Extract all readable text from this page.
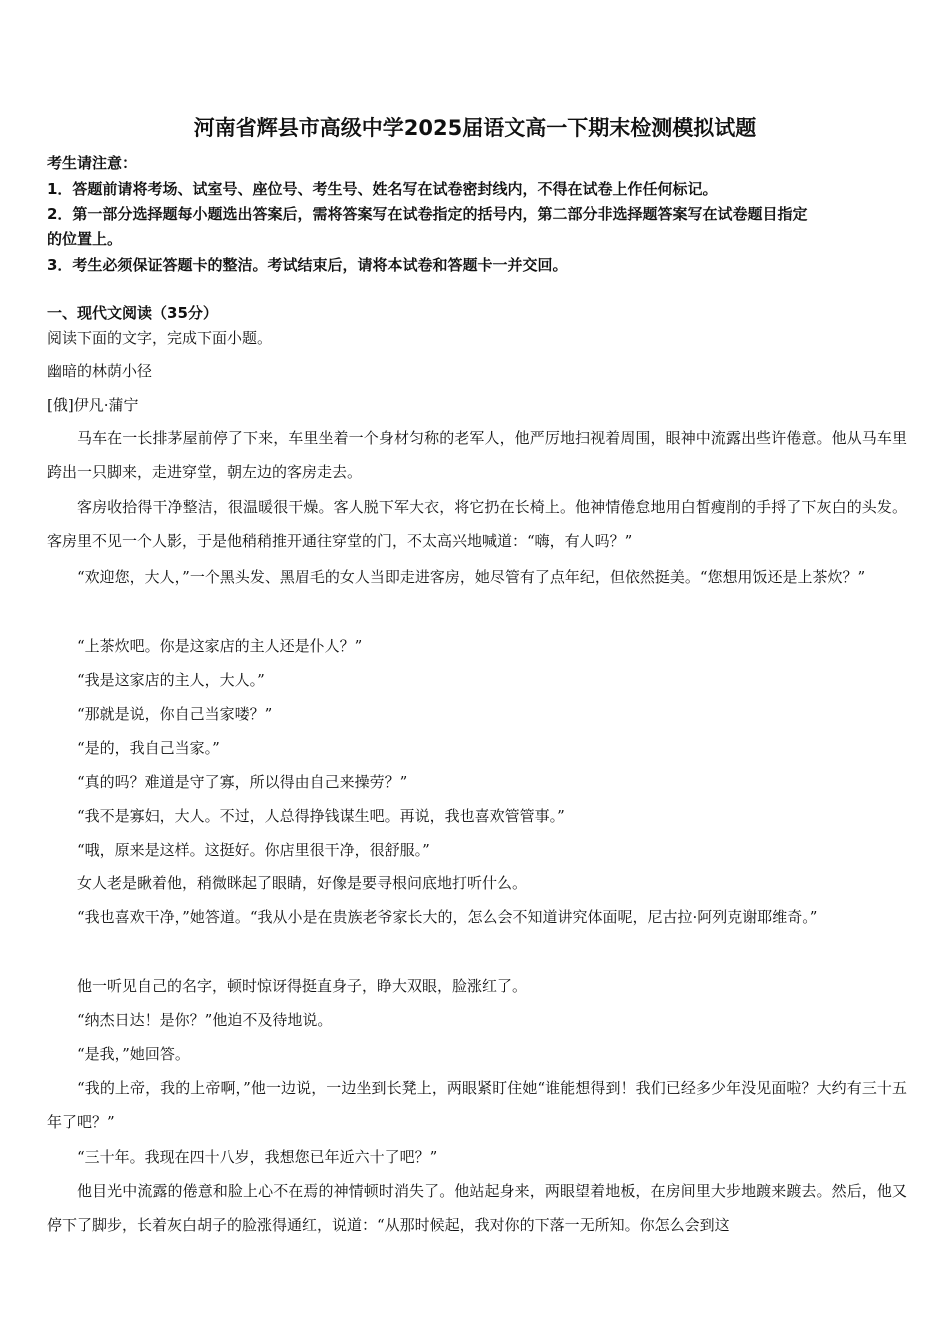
河南省辉县市高级中学2025届语文高一下期末检测模拟试题
考生请注意：
1．答题前请将考场、试室号、座位号、考生号、姓名写在试卷密封线内，不得在试卷上作任何标记。
2．第一部分选择题每小题选出答案后，需将答案写在试卷指定的括号内，第二部分非选择题答案写在试卷题目指定
的位置上。
3．考生必须保证答题卡的整洁。考试结束后，请将本试卷和答题卡一并交回。
一、现代文阅读（35分）
阅读下面的文字，完成下面小题。
幽暗的林荫小径
[俄]伊凡·蒲宁
马车在一长排茅屋前停了下来，车里坐着一个身材匀称的老军人，他严厉地扫视着周围，眼神中流露出些许倦意。他从马车里跨出一只脚来，走进穿堂，朝左边的客房走去。
客房收拾得干净整洁，很温暖很干燥。客人脱下军大衣，将它扔在长椅上。他神情倦怠地用白皙瘦削的手捋了下灰白的头发。客房里不见一个人影，于是他稍稍推开通往穿堂的门，不太高兴地喊道：“嗨，有人吗？”
“欢迎您，大人，”一个黑头发、黑眉毛的女人当即走进客房，她尽管有了点年纪，但依然挺美。“您想用饭还是上茶炊？”
“上茶炊吧。你是这家店的主人还是仆人？”
“我是这家店的主人，大人。”
“那就是说，你自己当家喽？”
“是的，我自己当家。”
“真的吗？难道是守了寡，所以得由自己来操劳？”
“我不是寡妇，大人。不过，人总得挣钱谋生吧。再说，我也喜欢管管事。”
“哦，原来是这样。这挺好。你店里很干净，很舒服。”
女人老是瞅着他，稍微眯起了眼睛，好像是要寻根问底地打听什么。
“我也喜欢干净，”她答道。“我从小是在贵族老爷家长大的，怎么会不知道讲究体面呢，尼古拉·阿列克谢耶维奇。”
他一听见自己的名字，顿时惊讶得挺直身子，睁大双眼，脸涨红了。
“纳杰日达！是你？”他迫不及待地说。
“是我，”她回答。
“我的上帝，我的上帝啊，”他一边说，一边坐到长凳上，两眼紧盯住她“谁能想得到！我们已经多少年没见面啦？大约有三十五年了吧？”
“三十年。我现在四十八岁，我想您已年近六十了吧？”
他目光中流露的倦意和脸上心不在焉的神情顿时消失了。他站起身来，两眼望着地板，在房间里大步地踱来踱去。然后，他又停下了脚步，长着灰白胡子的脸涨得通红，说道：“从那时候起，我对你的下落一无所知。你怎么会到这
